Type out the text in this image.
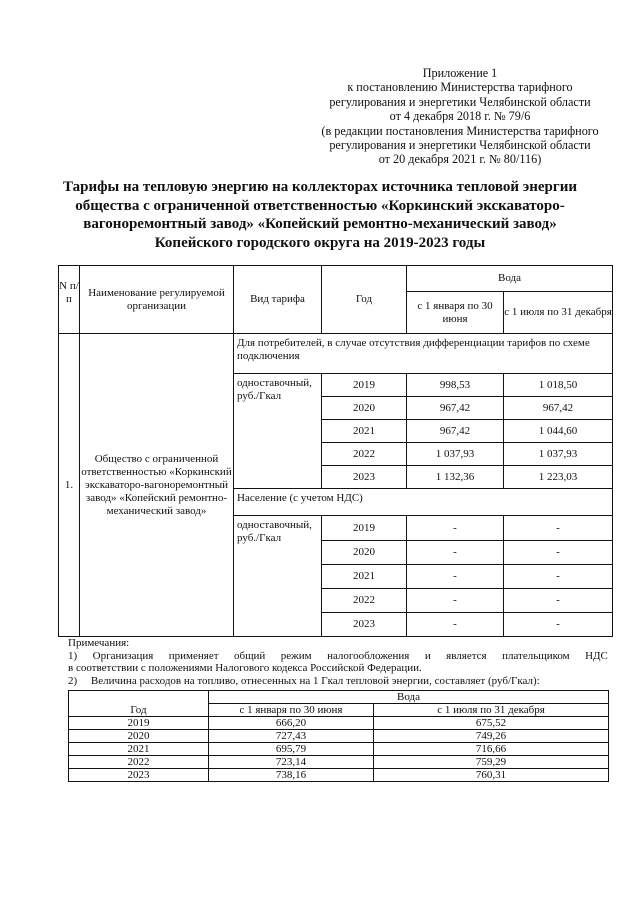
Приложение 1
к постановлению Министерства тарифного
регулирования и энергетики Челябинской области
от 4 декабря 2018 г. № 79/6
(в редакции постановления Министерства тарифного
регулирования и энергетики Челябинской области
от 20 декабря 2021 г. № 80/116)
Тарифы на тепловую энергию на коллекторах источника тепловой энергии
общества с ограниченной ответственностью «Коркинский экскаваторо-
вагоноремонтный завод» «Копейский ремонтно-механический завод»
Копейского городского округа на 2019-2023 годы
N п/п	Наименование регулируемой организации	Вид тарифа	Год	Вода	
				с 1 января по 30 июня	с 1 июля по 31 декабря
1.	Общество с ограниченной ответственностью «Коркинский экскаваторо-вагоноремонтный завод» «Копейский ремонтно-механический завод»	Для потребителей, в случае отсутствия дифференциации тарифов по схеме подключения			
		одноставочный, руб./Гкал	2019	998,53	1 018,50
			2020	967,42	967,42
			2021	967,42	1 044,60
			2022	1 037,93	1 037,93
			2023	1 132,36	1 223,03
		Население (с учетом НДС)			
		одноставочный, руб./Гкал	2019	-	-
			2020	-	-
			2021	-	-
			2022	-	-
			2023	-	-

Примечания:

1) Организация применяет общий режим налогообложения и является плательщиком НДС

в соответствии с положениями Налогового кодекса Российской Федерации.

2)     Величина расходов на топливо, отнесенных на 1 Гкал тепловой энергии, составляет (руб/Гкал):

Год	Вода	
	с 1 января по 30 июня	с 1 июля по 31 декабря
2019	666,20	675,52
2020	727,43	749,26
2021	695,79	716,66
2022	723,14	759,29
2023	738,16	760,31
